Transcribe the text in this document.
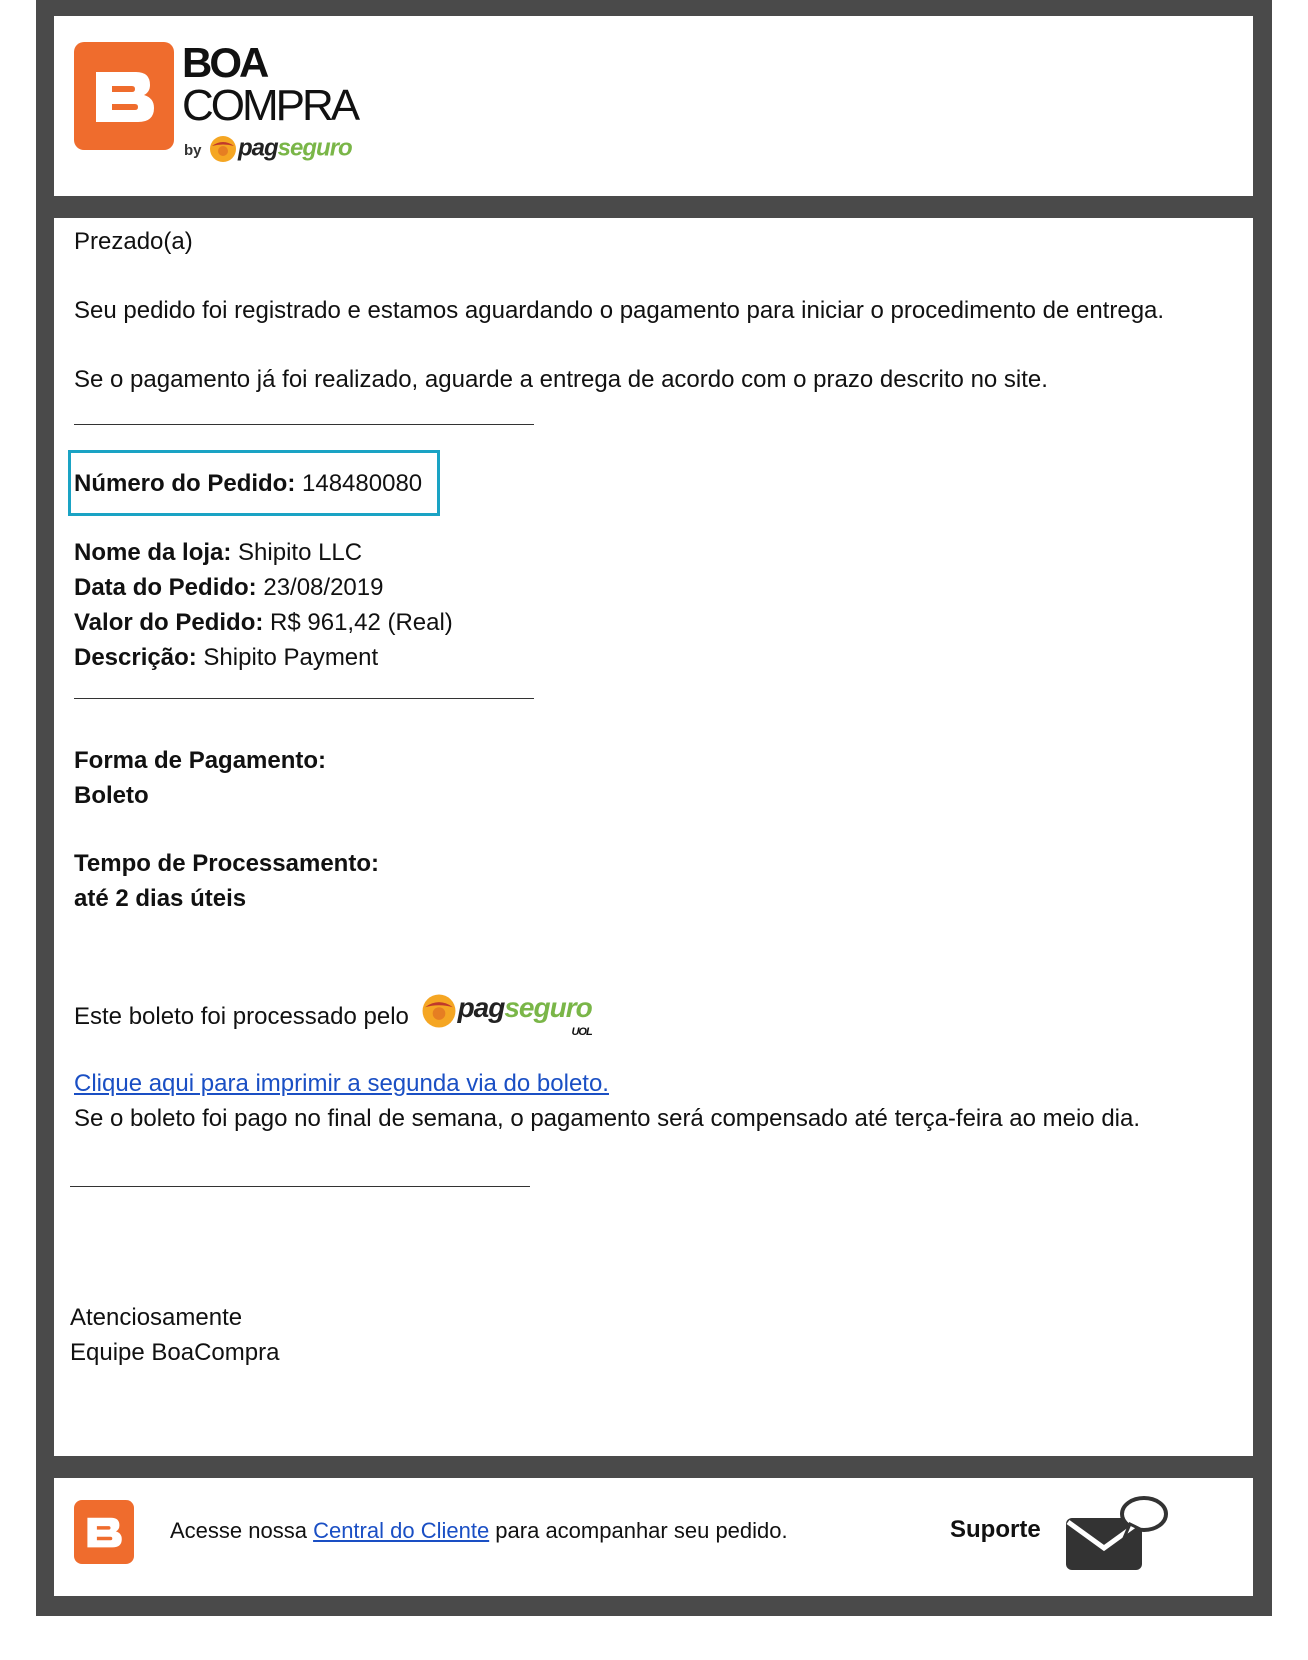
BOA
COMPRA
by	pagseguro
Prezado(a)
Seu pedido foi registrado e estamos aguardando o pagamento para iniciar o procedimento de entrega.
Se o pagamento já foi realizado, aguarde a entrega de acordo com o prazo descrito no site.
Número do Pedido: 148480080
Nome da loja: Shipito LLC
Data do Pedido: 23/08/2019
Valor do Pedido: R$ 961,42 (Real)
Descrição: Shipito Payment
Forma de Pagamento:
Boleto
Tempo de Processamento:
até 2 dias úteis
Este boleto foi processado pelo pagseguro
UOL
Clique aqui para imprimir a segunda via do boleto.
Se o boleto foi pago no final de semana, o pagamento será compensado até terça-feira ao meio dia.
Atenciosamente
Equipe BoaCompra
Acesse nossa Central do Cliente para acompanhar seu pedido.	Suporte
